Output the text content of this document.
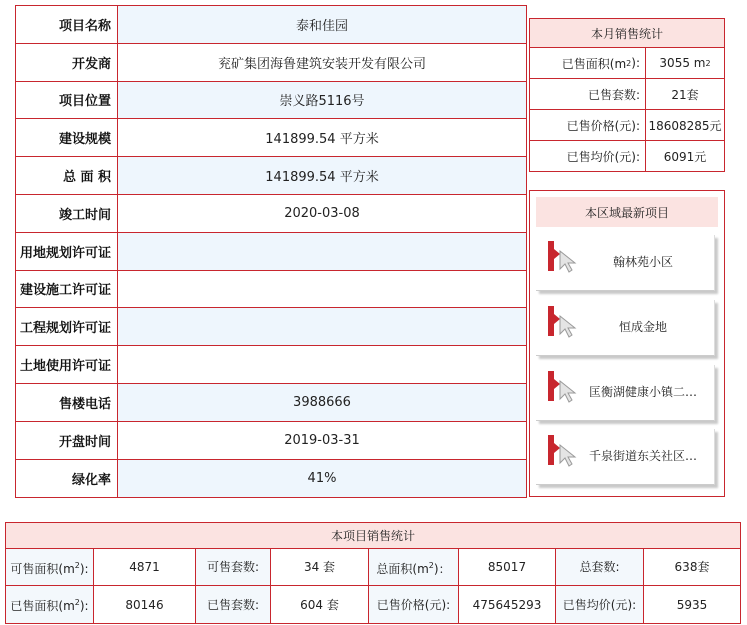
项目名称	泰和佳园
开发商	兖矿集团海鲁建筑安装开发有限公司
项目位置	崇义路5116号
建设规模	141899.54 平方米
总 面 积	141899.54 平方米
竣工时间	2020-03-08
用地规划许可证
建设施工许可证
工程规划许可证
土地使用许可证
售楼电话	3988666
开盘时间	2019-03-31
绿化率	41%
本月销售统计
已售面积(m 2 ):	3055 m 2
已售套数:	21套
已售价格(元): 18608285元
已售均价(元):	6091元
本区域最新项目
翰林苑小区
恒成金地
匡衡湖健康小镇二…
千泉街道东关社区…
本项目销售统计
可售面积$(m^2)$:	4871	可售套数:	34 套	总面积$(m^2)$：	85017	总套数:	638套
已售面积$(m^2)$:	80146	已售套数:	604 套	已售价格(元):	475645293	已售均价(元):	5935
